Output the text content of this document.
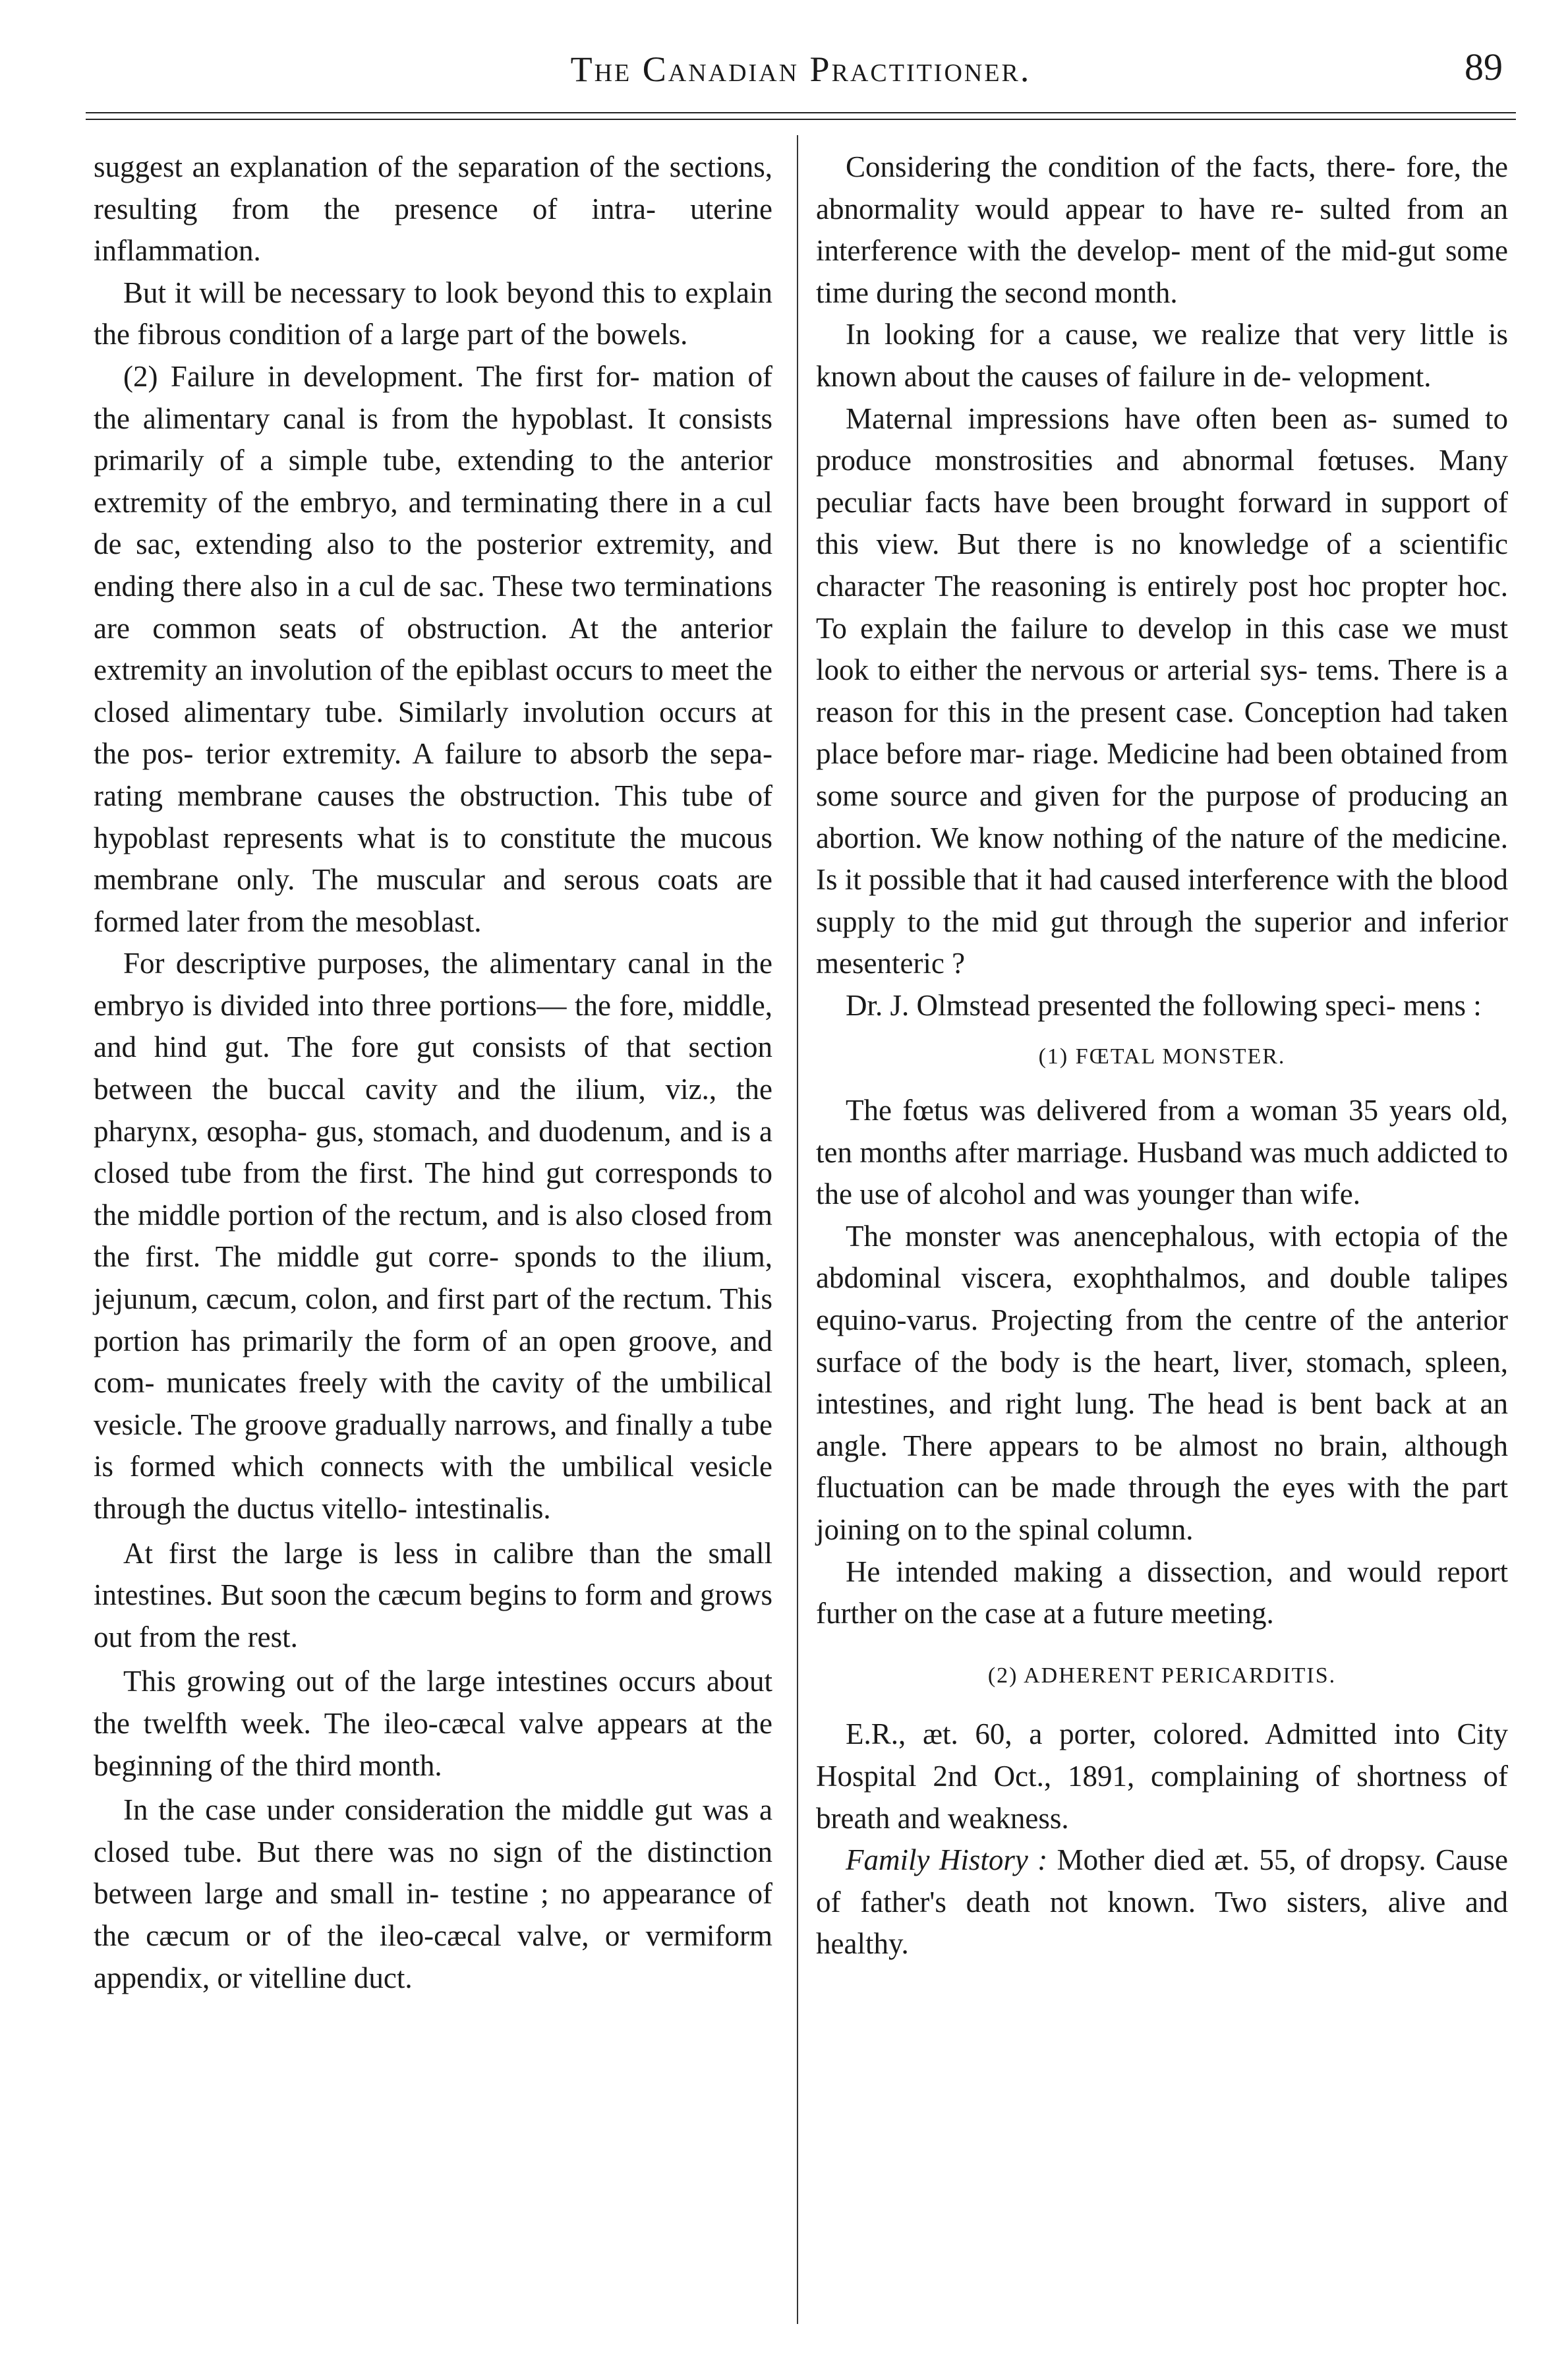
The Canadian Practitioner.	89

suggest an explanation of the separation of the sections, resulting from the presence of intra- uterine inflammation.

But it will be necessary to look beyond this to explain the fibrous condition of a large part of the bowels.

(2) Failure in development. The first for- mation of the alimentary canal is from the hypoblast. It consists primarily of a simple tube, extending to the anterior extremity of the embryo, and terminating there in a cul de sac, extending also to the posterior extremity, and ending there also in a cul de sac. These two terminations are common seats of obstruction. At the anterior extremity an involution of the epiblast occurs to meet the closed alimentary tube. Similarly involution occurs at the pos- terior extremity. A failure to absorb the sepa- rating membrane causes the obstruction. This tube of hypoblast represents what is to constitute the mucous membrane only. The muscular and serous coats are formed later from the mesoblast.

For descriptive purposes, the alimentary canal in the embryo is divided into three portions— the fore, middle, and hind gut. The fore gut consists of that section between the buccal cavity and the ilium, viz., the pharynx, œsopha- gus, stomach, and duodenum, and is a closed tube from the first. The hind gut corresponds to the middle portion of the rectum, and is also closed from the first. The middle gut corre- sponds to the ilium, jejunum, cæcum, colon, and first part of the rectum. This portion has primarily the form of an open groove, and com- municates freely with the cavity of the umbilical vesicle. The groove gradually narrows, and finally a tube is formed which connects with the umbilical vesicle through the ductus vitello- intestinalis.

At first the large is less in calibre than the small intestines. But soon the cæcum begins to form and grows out from the rest.

This growing out of the large intestines occurs about the twelfth week. The ileo-cæcal valve appears at the beginning of the third month.

In the case under consideration the middle gut was a closed tube. But there was no sign of the distinction between large and small in- testine ; no appearance of the cæcum or of the ileo-cæcal valve, or vermiform appendix, or vitelline duct.

Considering the condition of the facts, there- fore, the abnormality would appear to have re- sulted from an interference with the develop- ment of the mid-gut some time during the second month.

In looking for a cause, we realize that very little is known about the causes of failure in de- velopment.

Maternal impressions have often been as- sumed to produce monstrosities and abnormal fœtuses. Many peculiar facts have been brought forward in support of this view. But there is no knowledge of a scientific character The reasoning is entirely post hoc propter hoc. To explain the failure to develop in this case we must look to either the nervous or arterial sys- tems. There is a reason for this in the present case. Conception had taken place before mar- riage. Medicine had been obtained from some source and given for the purpose of producing an abortion. We know nothing of the nature of the medicine. Is it possible that it had caused interference with the blood supply to the mid gut through the superior and inferior mesenteric ?

Dr. J. Olmstead presented the following speci- mens :

(1) FŒTAL MONSTER.

The fœtus was delivered from a woman 35 years old, ten months after marriage. Husband was much addicted to the use of alcohol and was younger than wife.

The monster was anencephalous, with ectopia of the abdominal viscera, exophthalmos, and double talipes equino-varus. Projecting from the centre of the anterior surface of the body is the heart, liver, stomach, spleen, intestines, and right lung. The head is bent back at an angle. There appears to be almost no brain, although fluctuation can be made through the eyes with the part joining on to the spinal column.

He intended making a dissection, and would report further on the case at a future meeting.

(2) ADHERENT PERICARDITIS.

E.R., æt. 60, a porter, colored. Admitted into City Hospital 2nd Oct., 1891, complaining of shortness of breath and weakness.

Family History : Mother died æt. 55, of dropsy. Cause of father's death not known. Two sisters, alive and healthy.
